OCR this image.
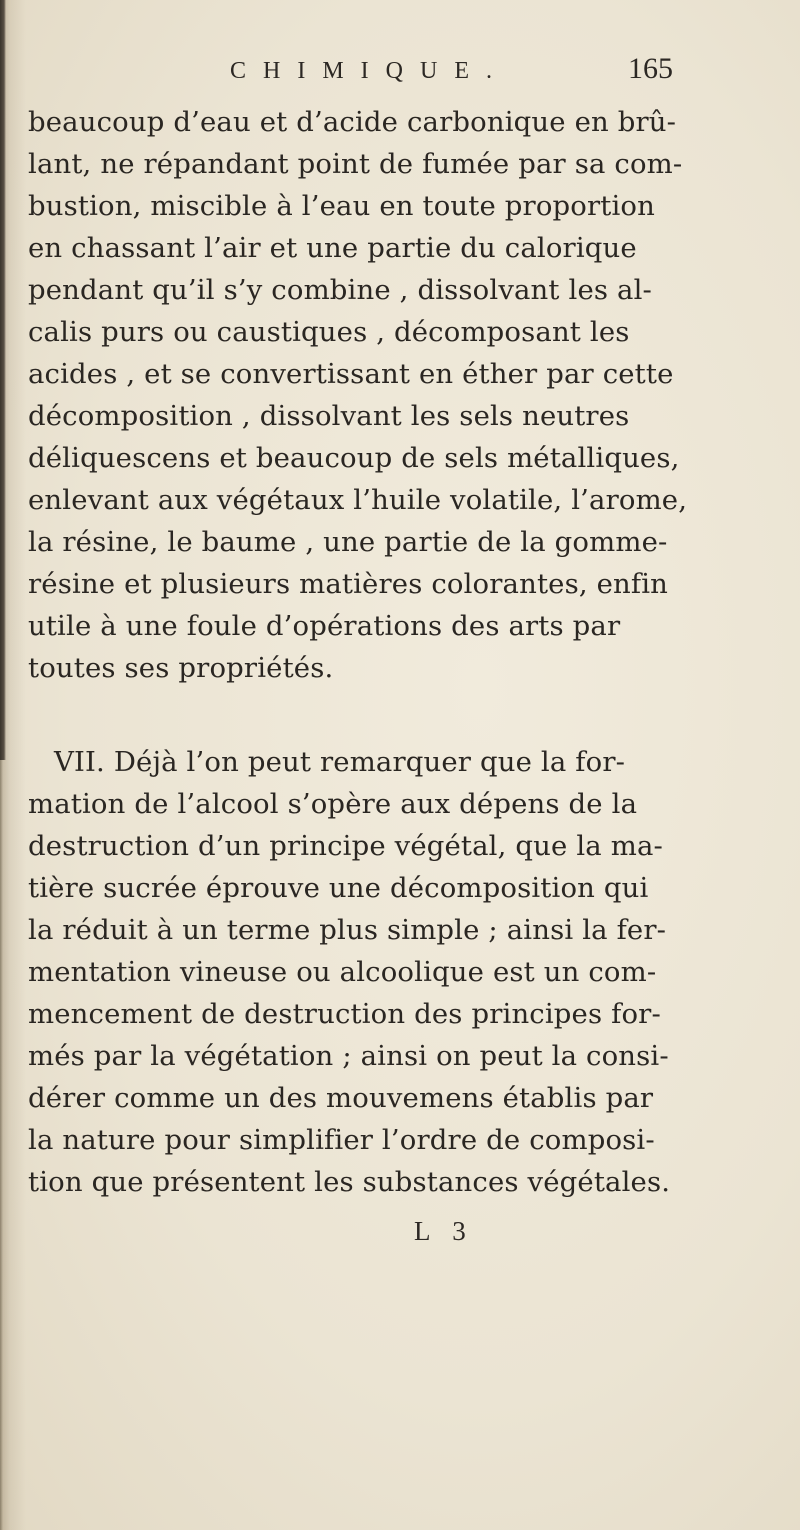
CHIMIQUE.	165
beaucoup d’eau et d’acide carbonique en brû-
lant, ne répandant point de fumée par sa com-
bustion, miscible à l’eau en toute proportion
en chassant l’air et une partie du calorique
pendant qu’il s’y combine , dissolvant les al-
calis purs ou caustiques , décomposant les
acides , et se convertissant en éther par cette
décomposition , dissolvant les sels neutres
déliquescens et beaucoup de sels métalliques,
enlevant aux végétaux l’huile volatile, l’arome,
la résine, le baume , une partie de la gomme-
résine et plusieurs matières colorantes, enfin
utile à une foule d’opérations des arts par
toutes ses propriétés.
VII. Déjà l’on peut remarquer que la for-
mation de l’alcool s’opère aux dépens de la
destruction d’un principe végétal, que la ma-
tière sucrée éprouve une décomposition qui
la réduit à un terme plus simple ; ainsi la fer-
mentation vineuse ou alcoolique est un com-
mencement de destruction des principes for-
més par la végétation ; ainsi on peut la consi-
dérer comme un des mouvemens établis par
la nature pour simplifier l’ordre de composi-
tion que présentent les substances végétales.
L 3
